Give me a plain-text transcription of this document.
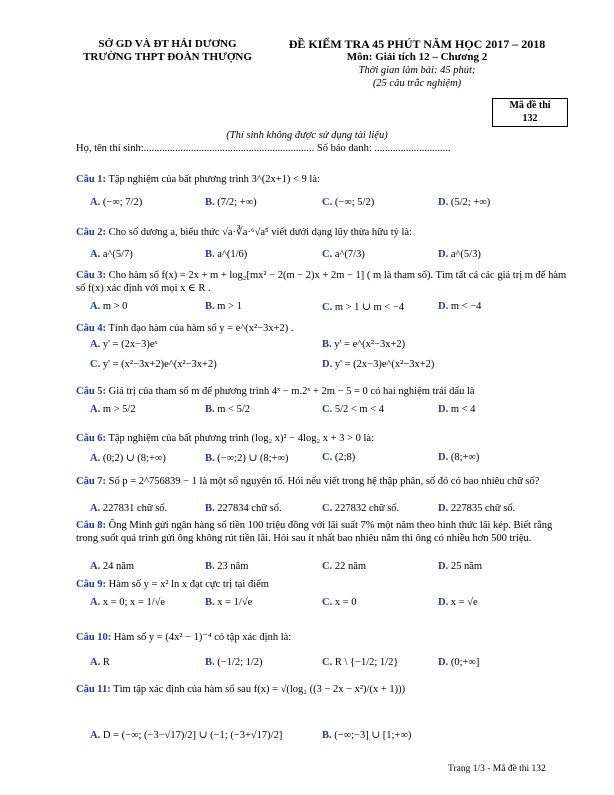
SỞ GD VÀ ĐT HẢI DƯƠNG
TRƯỜNG THPT ĐOÀN THƯỢNG
ĐỀ KIỂM TRA 45 PHÚT NĂM HỌC 2017 – 2018
Môn: Giải tích 12 – Chương 2
Thời gian làm bài: 45 phút;
(25 câu trắc nghiệm)
Mã đề thi
132
(Thí sinh không được sử dụng tài liệu)
Họ, tên thí sinh:................................................................. Số báo danh: .............................
Câu 1: Tập nghiệm của bất phương trình 3^(2x+1) < 9 là:
A. (−∞; 7/2)	B. (7/2; +∞)	C. (−∞; 5/2)	D. (5/2; +∞)
Câu 2: Cho số dương a, biểu thức √a·∛a·⁶√a⁵ viết dưới dạng lũy thừa hữu tỷ là:
A. a^(5/7)	B. a^(1/6)	C. a^(7/3)	D. a^(5/3)
Câu 3: Cho hàm số f(x) = 2x + m + log₂[mx² − 2(m − 2)x + 2m − 1] ( m là tham số). Tìm tất cả các giá trị m để hàm số f(x) xác định với mọi x ∈ R .
A. m > 0	B. m > 1	C. m > 1 ∪ m < −4	D. m < −4
Câu 4: Tính đạo hàm của hàm số y = e^(x²−3x+2) .
A. y' = (2x−3)eˣ	B. y' = e^(x²−3x+2)
C. y' = (x²−3x+2)e^(x²−3x+2)	D. y' = (2x−3)e^(x²−3x+2)
Câu 5: Giá trị của tham số m để phương trình 4ˣ − m.2ˣ + 2m − 5 = 0 có hai nghiệm trái dấu là
A. m > 5/2	B. m < 5/2	C. 5/2 < m < 4	D. m < 4
Câu 6: Tập nghiệm của bất phương trình (log₂ x)² − 4log₂ x + 3 > 0 là:
A. (0;2) ∪ (8;+∞)	B. (−∞;2) ∪ (8;+∞)	C. (2;8)	D. (8;+∞)
Câu 7: Số p = 2^756839 − 1 là một số nguyên tố. Hỏi nếu viết trong hệ thập phân, số đó có bao nhiêu chữ số?
A. 227831 chữ số.	B. 227834 chữ số.	C. 227832 chữ số.	D. 227835 chữ số.
Câu 8: Ông Minh gửi ngân hàng số tiền 100 triệu đồng với lãi suất 7% một năm theo hình thức lãi kép. Biết rằng trong suốt quá trình gửi ông không rút tiền lãi. Hỏi sau ít nhất bao nhiêu năm thì ông có nhiều hơn 500 triệu.
A. 24 năm	B. 23 năm	C. 22 năm	D. 25 năm
Câu 9: Hàm số y = x² ln x đạt cực trị tại điểm
A. x = 0; x = 1/√e	B. x = 1/√e	C. x = 0	D. x = √e
Câu 10: Hàm số y = (4x² − 1)⁻⁴ có tập xác định là:
A. R	B. (−1/2; 1/2)	C. R \ {−1/2; 1/2}	D. (0;+∞]
Câu 11: Tìm tập xác định của hàm số sau f(x) = √(log₂ ((3 − 2x − x²)/(x + 1)))
A. D = (−∞; (−3−√17)/2] ∪ (−1; (−3+√17)/2]	B. (−∞;−3] ∪ [1;+∞)
Trang 1/3 - Mã đề thi 132
